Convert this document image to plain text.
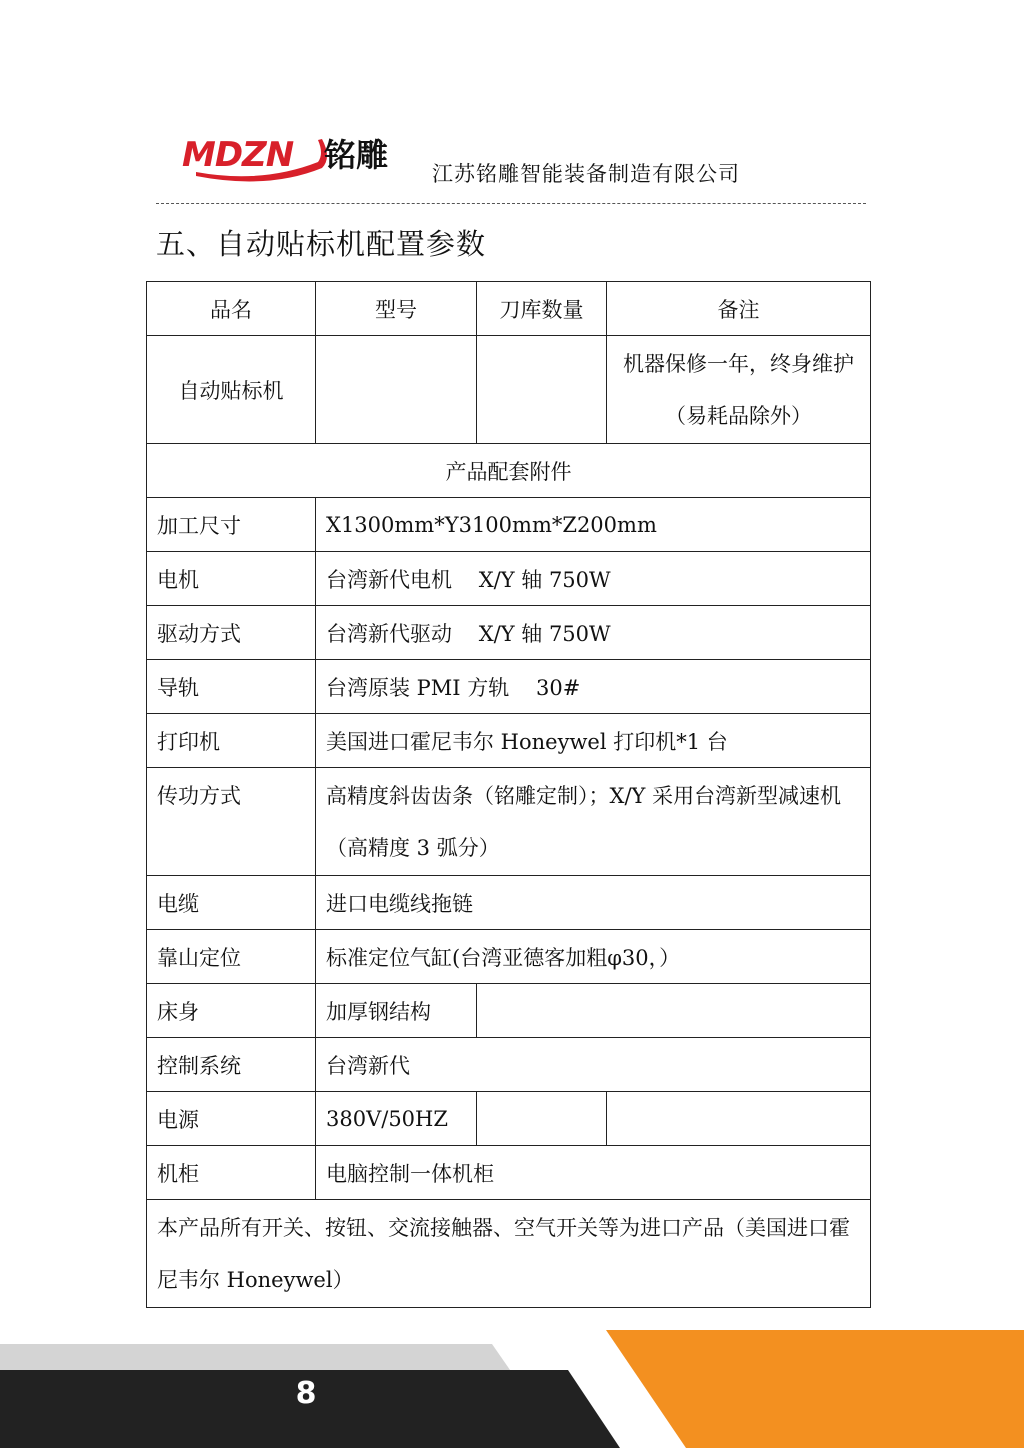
MDZN 铭雕 江苏铭雕智能装备制造有限公司
五、自动贴标机配置参数
品名	型号	刀库数量	备注
自动贴标机			机器保修一年，终身维护（易耗品除外）
产品配套附件			
加工尺寸	X1300mm*Y3100mm*Z200mm		
电机	台湾新代电机    X/Y 轴 750W		
驱动方式	台湾新代驱动    X/Y 轴 750W		
导轨	台湾原装 PMI 方轨    30#		
打印机	美国进口霍尼韦尔 Honeywel 打印机*1 台		
传功方式	高精度斜齿齿条（铭雕定制）；X/Y 采用台湾新型减速机（高精度 3 弧分）		
电缆	进口电缆线拖链		
靠山定位	标准定位气缸(台湾亚德客加粗φ30，）		
床身	加厚钢结构		
控制系统	台湾新代		
电源	380V/50HZ		
机柜	电脑控制一体机柜		
本产品所有开关、按钮、交流接触器、空气开关等为进口产品（美国进口霍尼韦尔 Honeywel）			
8
